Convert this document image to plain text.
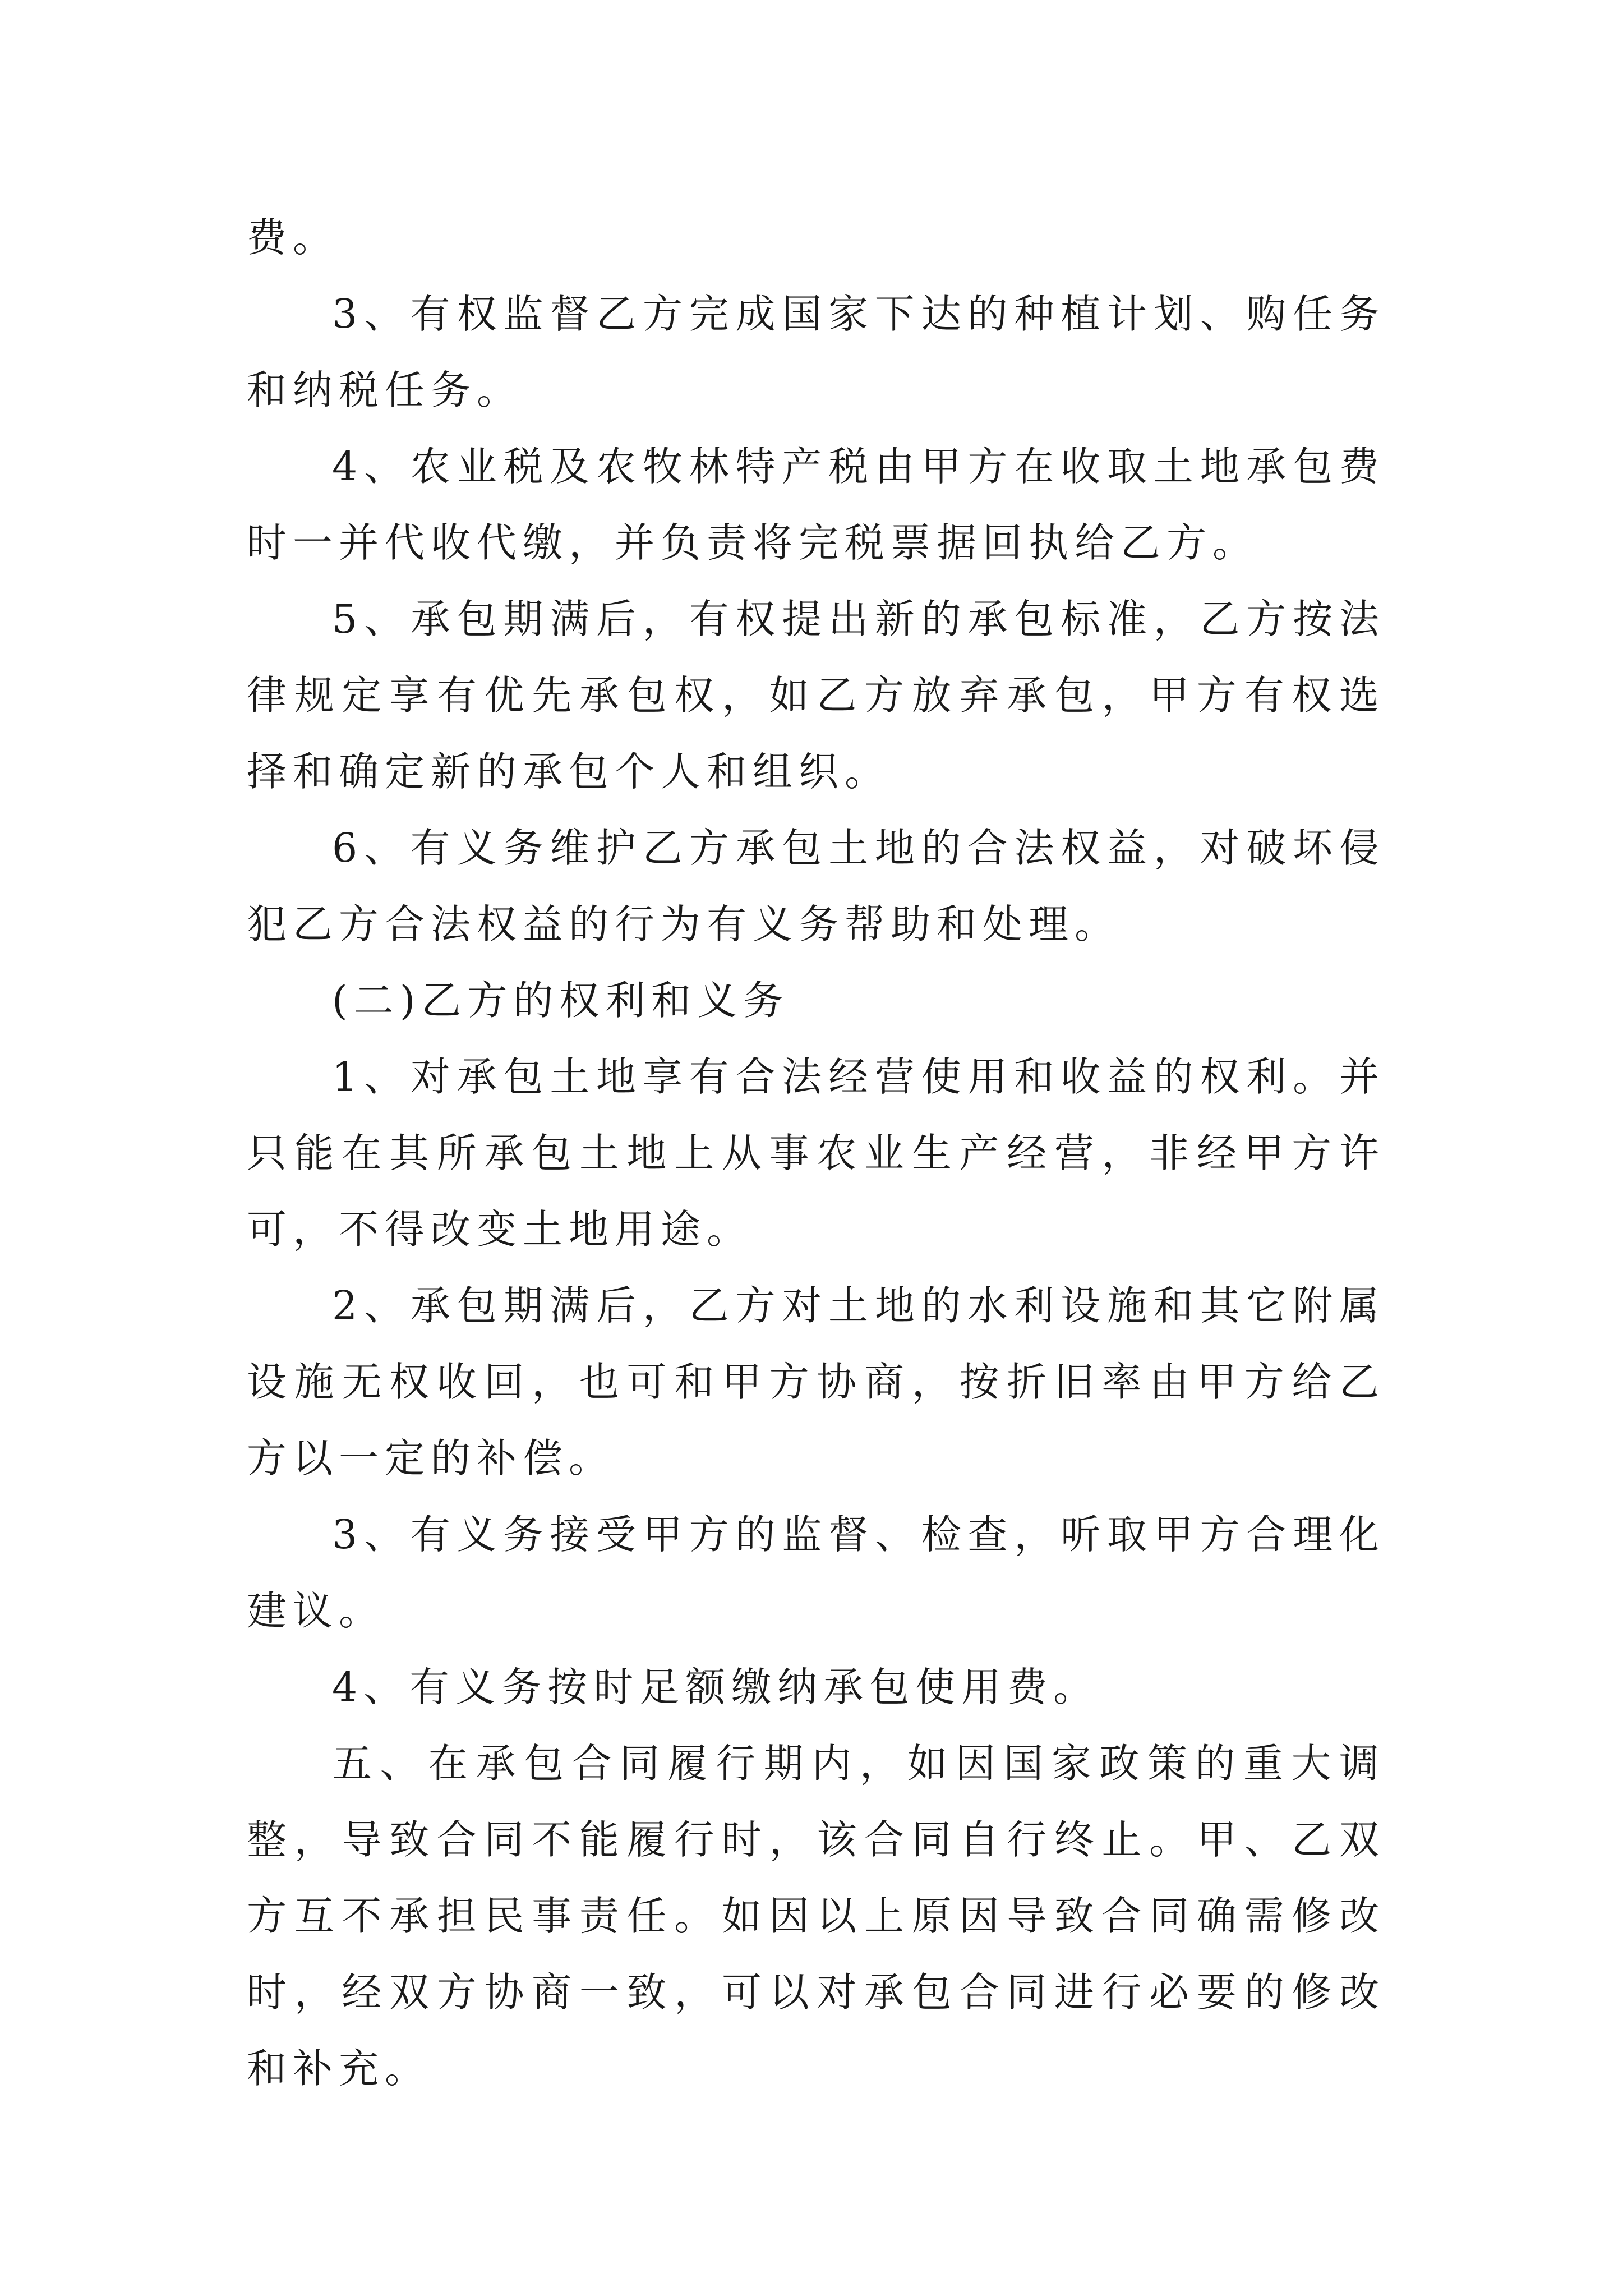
费。

3、有权监督乙方完成国家下达的种植计划、购任务和纳税任务。

4、农业税及农牧林特产税由甲方在收取土地承包费时一并代收代缴，并负责将完税票据回执给乙方。

5、承包期满后，有权提出新的承包标准，乙方按法律规定享有优先承包权，如乙方放弃承包，甲方有权选择和确定新的承包个人和组织。

6、有义务维护乙方承包土地的合法权益，对破坏侵犯乙方合法权益的行为有义务帮助和处理。

(二)乙方的权利和义务

1、对承包土地享有合法经营使用和收益的权利。并只能在其所承包土地上从事农业生产经营，非经甲方许可，不得改变土地用途。

2、承包期满后，乙方对土地的水利设施和其它附属设施无权收回，也可和甲方协商，按折旧率由甲方给乙方以一定的补偿。

3、有义务接受甲方的监督、检查，听取甲方合理化建议。

4、有义务按时足额缴纳承包使用费。

五、在承包合同履行期内，如因国家政策的重大调整，导致合同不能履行时，该合同自行终止。甲、乙双方互不承担民事责任。如因以上原因导致合同确需修改时，经双方协商一致，可以对承包合同进行必要的修改和补充。
